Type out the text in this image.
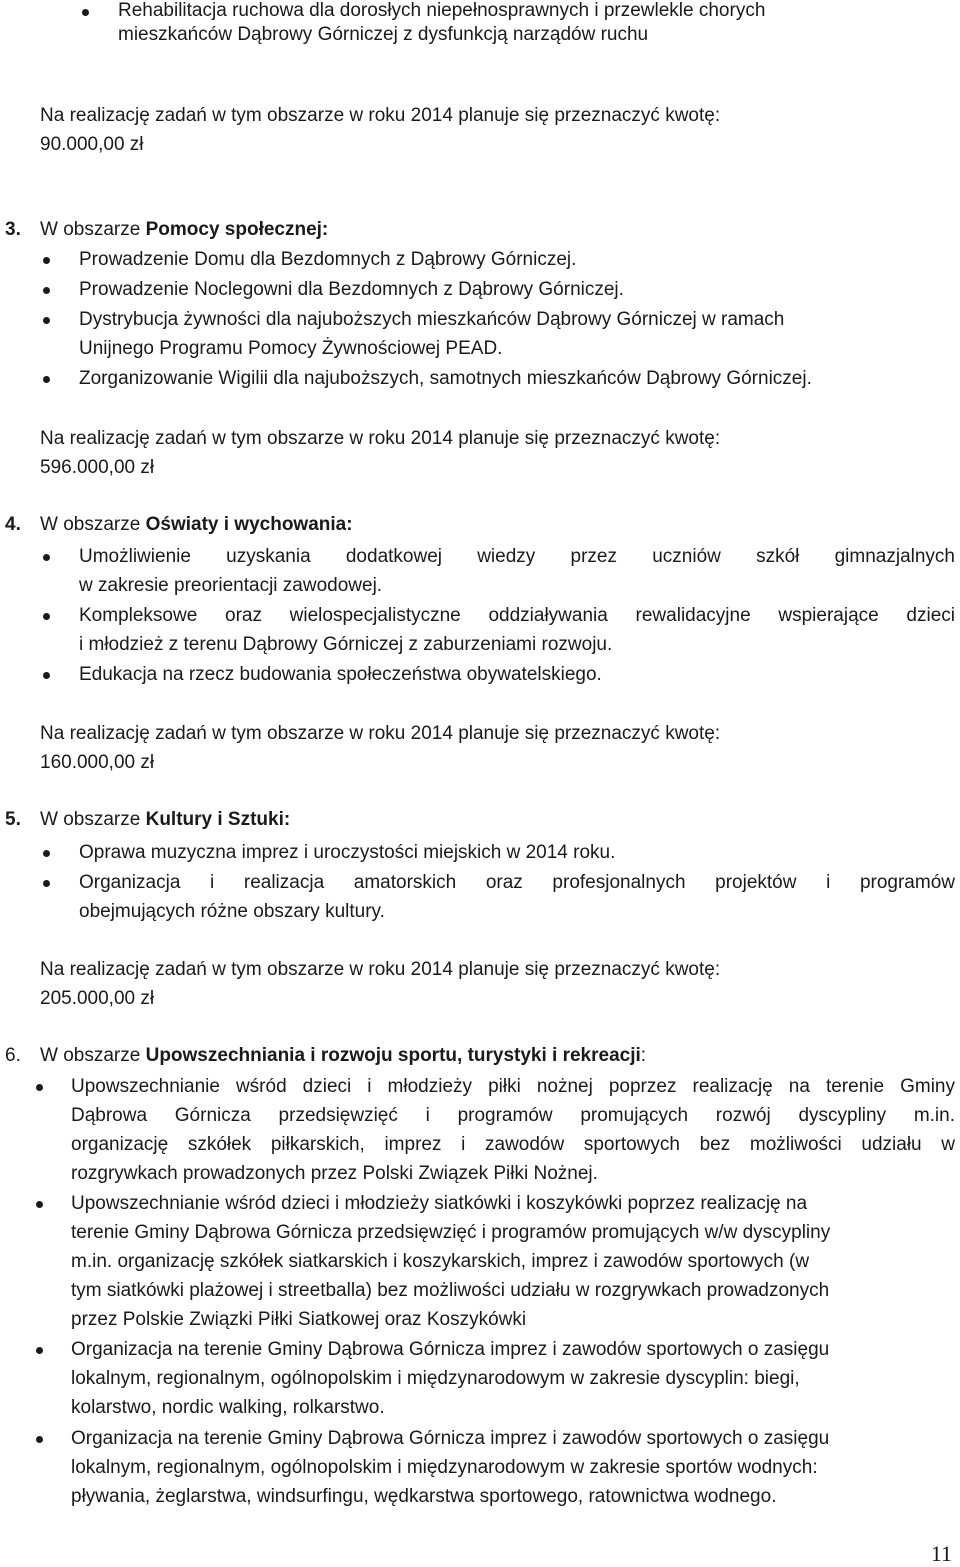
Rehabilitacja ruchowa dla dorosłych niepełnosprawnych i przewlekle chorych
mieszkańców Dąbrowy Górniczej z dysfunkcją narządów ruchu
Na realizację zadań w tym obszarze w roku 2014 planuje się przeznaczyć kwotę:
90.000,00 zł
3. W obszarze Pomocy społecznej:
Prowadzenie Domu dla Bezdomnych z Dąbrowy Górniczej.
Prowadzenie Noclegowni dla Bezdomnych z Dąbrowy Górniczej.
Dystrybucja żywności dla najuboższych mieszkańców Dąbrowy Górniczej w ramach
Unijnego Programu Pomocy Żywnościowej PEAD.
Zorganizowanie Wigilii dla najuboższych, samotnych mieszkańców Dąbrowy Górniczej.
Na realizację zadań w tym obszarze w roku 2014 planuje się przeznaczyć kwotę:
596.000,00 zł
4. W obszarze Oświaty i wychowania:
Umożliwienie uzyskania dodatkowej wiedzy przez uczniów szkół gimnazjalnych
w zakresie preorientacji zawodowej.
Kompleksowe oraz wielospecjalistyczne oddziaływania rewalidacyjne wspierające dzieci
i młodzież z terenu Dąbrowy Górniczej z zaburzeniami rozwoju.
Edukacja na rzecz budowania społeczeństwa obywatelskiego.
Na realizację zadań w tym obszarze w roku 2014 planuje się przeznaczyć kwotę:
160.000,00 zł
5. W obszarze Kultury i Sztuki:
Oprawa muzyczna imprez i uroczystości miejskich w 2014 roku.
Organizacja i realizacja amatorskich oraz profesjonalnych projektów i programów
obejmujących różne obszary kultury.
Na realizację zadań w tym obszarze w roku 2014 planuje się przeznaczyć kwotę:
205.000,00 zł
6. W obszarze Upowszechniania i rozwoju sportu, turystyki i rekreacji:
Upowszechnianie wśród dzieci i młodzieży piłki nożnej poprzez realizację na terenie Gminy
Dąbrowa Górnicza przedsięwzięć i programów promujących rozwój dyscypliny m.in.
organizację szkółek piłkarskich, imprez i zawodów sportowych bez możliwości udziału w
rozgrywkach prowadzonych przez Polski Związek Piłki Nożnej.
Upowszechnianie wśród dzieci i młodzieży siatkówki i koszykówki poprzez realizację na
terenie Gminy Dąbrowa Górnicza przedsięwzięć i programów promujących w/w dyscypliny
m.in. organizację szkółek siatkarskich i koszykarskich, imprez i zawodów sportowych (w
tym siatkówki plażowej i streetballa) bez możliwości udziału w rozgrywkach prowadzonych
przez Polskie Związki Piłki Siatkowej oraz Koszykówki
Organizacja na terenie Gminy Dąbrowa Górnicza imprez i zawodów sportowych o zasięgu
lokalnym, regionalnym, ogólnopolskim i międzynarodowym w zakresie dyscyplin: biegi,
kolarstwo, nordic walking, rolkarstwo.
Organizacja na terenie Gminy Dąbrowa Górnicza imprez i zawodów sportowych o zasięgu
lokalnym, regionalnym, ogólnopolskim i międzynarodowym w zakresie sportów wodnych:
pływania, żeglarstwa, windsurfingu, wędkarstwa sportowego, ratownictwa wodnego.
11
